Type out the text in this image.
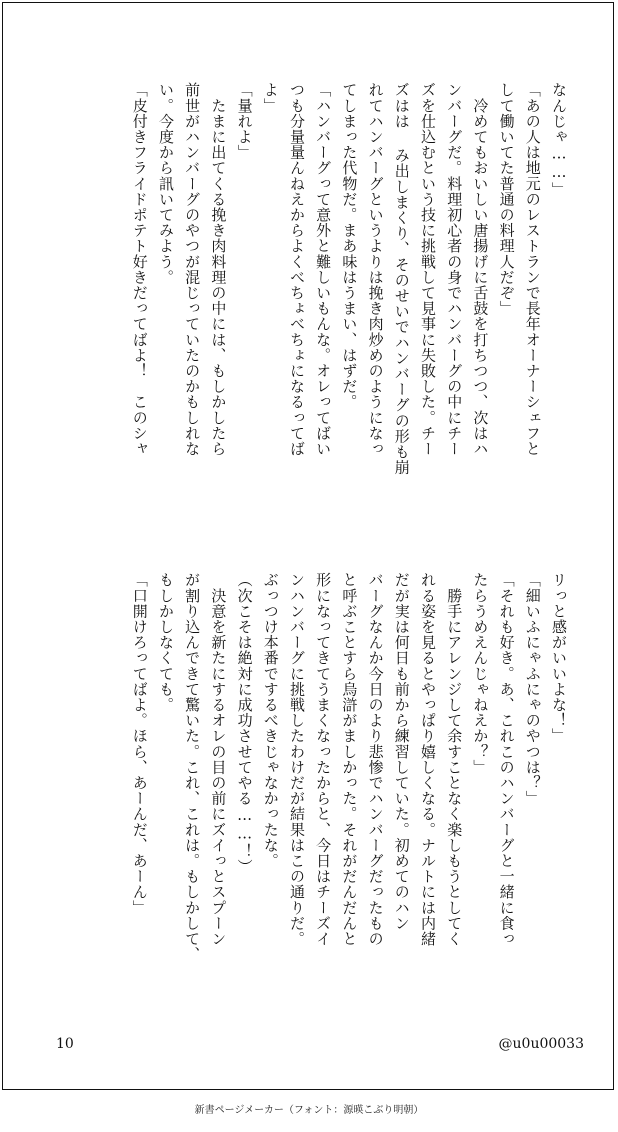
なんじゃ……」
「あの人は地元のレストランで長年オーナーシェフと
して働いてた普通の料理人だぞ」
　冷めてもおいしい唐揚げに舌鼓を打ちつつ、次はハ
ンバーグだ。料理初心者の身でハンバーグの中にチー
ズを仕込むという技に挑戦して見事に失敗した。チー
ズはは み出しまくり、そのせいでハンバーグの形も崩
れてハンバーグというよりは挽き肉炒めのようになっ
てしまった代物だ。まあ味はうまい、はずだ。
「ハンバーグって意外と難しいもんな。オレってばい
つも分量量んねえからよくべちょべちょになるってば
よ」
「量れよ」
　たまに出てくる挽き肉料理の中には、もしかしたら
前世がハンバーグのやつが混じっていたのかもしれな
い。今度から訊いてみよう。
「皮付きフライドポテト好きだってばよ！　このシャ
リっと感がいいよな！」
「細いふにゃふにゃのやつは？」
「それも好き。あ、これこのハンバーグと一緒に食っ
たらうめえんじゃねえか？」
　勝手にアレンジして余すことなく楽しもうとしてく
れる姿を見るとやっぱり嬉しくなる。ナルトには内緒
だが実は何日も前から練習していた。初めてのハン
バーグなんか今日のより悲惨でハンバーグだったもの
と呼ぶことすら烏滸がましかった。それがだんだんと
形になってきてうまくなったからと、今日はチーズイ
ンハンバーグに挑戦したわけだが結果はこの通りだ。
ぶっつけ本番でするべきじゃなかったな。
（次こそは絶対に成功させてやる……！）
　決意を新たにするオレの目の前にズイっとスプーン
が割り込んできて驚いた。これ、これは。もしかして、
もしかしなくても。
「口開けろってばよ。ほら、あーんだ、あーん」
10	@u0u00033
新書ページメーカー（フォント：源暎こぶり明朝）
